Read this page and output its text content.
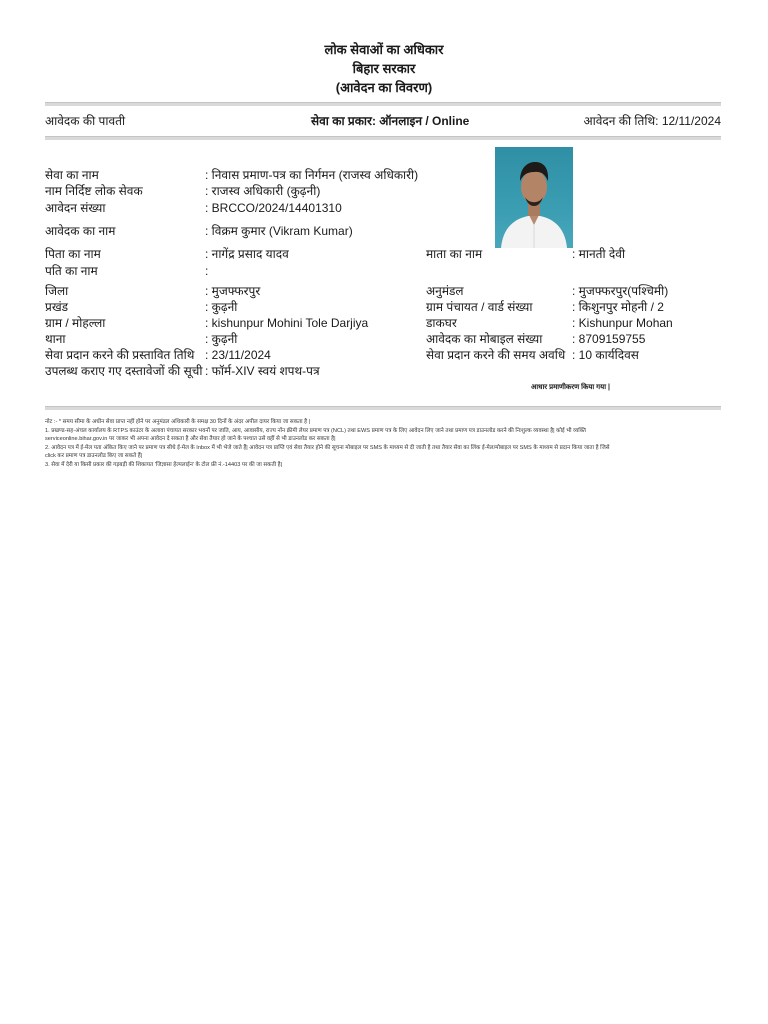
लोक सेवाओं का अधिकार
बिहार सरकार
(आवेदन का विवरण)
आवेदक की पावती	सेवा का प्रकार: ऑनलाइन / Online	आवेदन की तिथि: 12/11/2024
सेवा का नाम	: निवास प्रमाण-पत्र का निर्गमन (राजस्व अधिकारी)
नाम निर्दिष्ट लोक सेवक	: राजस्व अधिकारी (कुढ़नी)
आवेदन संख्या	: BRCCO/2024/14401310
आवेदक का नाम	: विक्रम कुमार (Vikram Kumar)
पिता का नाम	: नागेंद्र प्रसाद यादव	माता का नाम	: मानती देवी
पति का नाम	:
जिला	: मुजफ्फरपुर	अनुमंडल	: मुजफ्फरपुर(पश्चिमी)
प्रखंड	: कुढ़नी	ग्राम पंचायत / वार्ड संख्या	: किशुनपुर मोहनी / 2
ग्राम / मोहल्ला	: kishunpur Mohini Tole Darjiya	डाकघर	: Kishunpur Mohan
थाना	: कुढ़नी	आवेदक का मोबाइल संख्या : 8709159755
सेवा प्रदान करने की प्रस्तावित तिथि : 23/11/2024	सेवा प्रदान करने की समय अवधि : 10 कार्यदिवस
उपलब्ध कराए गए दस्तावेजों की सूची : फॉर्म-XIV स्वयं शपथ-पत्र
आधार प्रमाणीकरण किया गया |
नोट :- * समय सीमा के अधीन सेवा प्राप्त नहीं होने पर अनुमंडल अधिकारी के समक्ष 30 दिनों के अंदर अपील दायर किया जा सकता है |
1. प्रखण्ड-सह-अंचल कार्यालय के RTPS काउंटर के अलावा पंचायत सरकार भवनों पर जाति, आय, आवासीय, राज्य नॉन क्रीमी लेयर प्रमाण पत्र (NCL) तथा EWS प्रमाण पत्र के लिए आवेदन लिए जाने तथा प्रमाण पत्र डाउनलोड करने की निःशुल्क व्यवस्था है| कोई भी व्यक्ति
serviceonline.bihar.gov.in पर जाकर भी अपना आवेदन दे सकता है और सेवा तैयार हो जाने के पश्चात उसे वहीं से भी डाउनलोड कर सकता है|
2. आवेदन पत्र में ई-मेल पता अंकित किए जाने पर प्रमाण पत्र सीधे ई-मेल के Inbox में भी भेजे जाते हैं| आवेदन पत्र प्राप्ति एवं सेवा तैयार होने की सूचना मोबाइल पर SMS के माध्यम से दी जाती है तथा तैयार सेवा का लिंक ई-मेल/मोबाइल पर SMS के माध्यम से प्रदान किया जाता है जिसे
click कर प्रमाण पत्र डाउनलोड किए जा सकते हैं|
3. सेवा में देरी या किसी प्रकार की गड़बड़ी की शिकायत 'जिज्ञासा हेल्पलाईन' के टोल फ्री नं.-14403 पर की जा सकती है|
